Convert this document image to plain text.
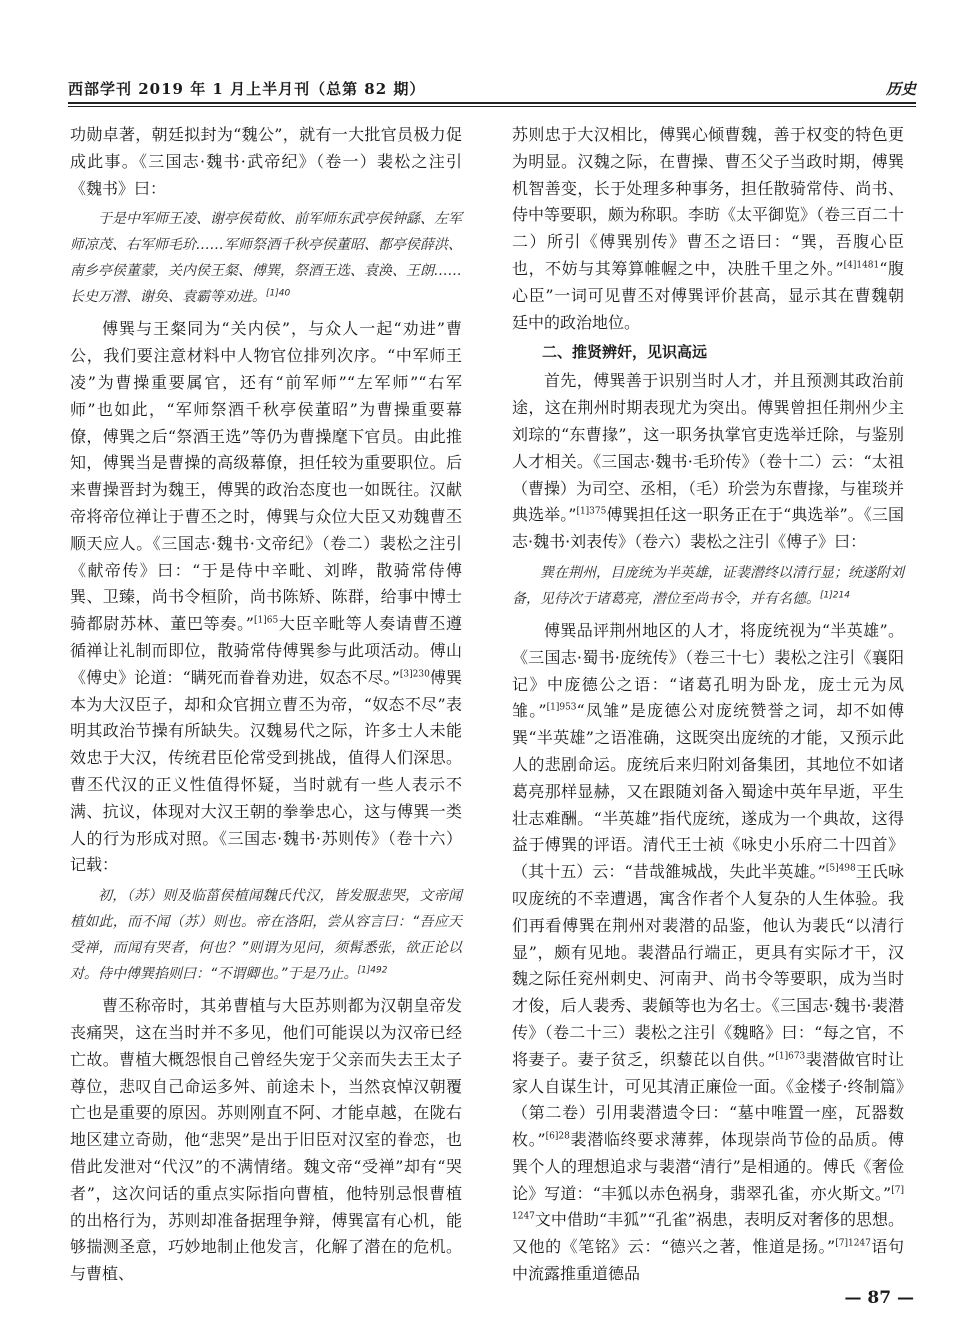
西部学刊 2019 年 1 月上半月刊（总第 82 期）	历史

功勋卓著，朝廷拟封为“魏公”，就有一大批官员极力促成此事。《三国志·魏书·武帝纪》（卷一）裴松之注引《魏书》曰：

于是中军师王凌、谢亭侯荀攸、前军师东武亭侯钟繇、左军师凉茂、右军师毛玠……军师祭酒千秋亭侯董昭、都亭侯薛洪、南乡亭侯董蒙，关内侯王粲、傅巽，祭酒王选、袁涣、王朗……长史万潜、谢奂、袁霸等劝进。$^{[1]40}$

傅巽与王粲同为“关内侯”，与众人一起“劝进”曹公，我们要注意材料中人物官位排列次序。“中军师王凌”为曹操重要属官，还有“前军师”“左军师”“右军师”也如此，“军师祭酒千秋亭侯董昭”为曹操重要幕僚，傅巽之后“祭酒王选”等仍为曹操麾下官员。由此推知，傅巽当是曹操的高级幕僚，担任较为重要职位。后来曹操晋封为魏王，傅巽的政治态度也一如既往。汉献帝将帝位禅让于曹丕之时，傅巽与众位大臣又劝魏曹丕顺天应人。《三国志·魏书·文帝纪》（卷二）裴松之注引《献帝传》曰：“于是侍中辛毗、刘晔，散骑常侍傅巽、卫臻，尚书令桓阶，尚书陈矫、陈群，给事中博士骑都尉苏林、董巴等奏。”$^{[1]65}$大臣辛毗等人奏请曹丕遵循禅让礼制而即位，散骑常侍傅巽参与此项活动。傅山《傅史》论道：“瞒死而眷眷劝进，奴态不尽。”$^{[3]230}$傅巽本为大汉臣子，却和众官拥立曹丕为帝，“奴态不尽”表明其政治节操有所缺失。汉魏易代之际，许多士人未能效忠于大汉，传统君臣伦常受到挑战，值得人们深思。曹丕代汉的正义性值得怀疑，当时就有一些人表示不满、抗议，体现对大汉王朝的拳拳忠心，这与傅巽一类人的行为形成对照。《三国志·魏书·苏则传》（卷十六）记载：

初，（苏）则及临菑侯植闻魏氏代汉，皆发服悲哭，文帝闻植如此，而不闻（苏）则也。帝在洛阳，尝从容言曰：“吾应天受禅，而闻有哭者，何也？”则谓为见问，须髯悉张，欲正论以对。侍中傅巽掐则曰：“不谓卿也。”于是乃止。$^{[1]492}$

曹丕称帝时，其弟曹植与大臣苏则都为汉朝皇帝发丧痛哭，这在当时并不多见，他们可能误以为汉帝已经亡故。曹植大概怨恨自己曾经失宠于父亲而失去王太子尊位，悲叹自己命运多舛、前途未卜，当然哀悼汉朝覆亡也是重要的原因。苏则刚直不阿、才能卓越，在陇右地区建立奇勋，他“悲哭”是出于旧臣对汉室的眷恋，也借此发泄对“代汉”的不满情绪。魏文帝“受禅”却有“哭者”，这次问话的重点实际指向曹植，他特别忌恨曹植的出格行为，苏则却准备据理争辩，傅巽富有心机，能够揣测圣意，巧妙地制止他发言，化解了潜在的危机。与曹植、

苏则忠于大汉相比，傅巽心倾曹魏，善于权变的特色更为明显。汉魏之际，在曹操、曹丕父子当政时期，傅巽机智善变，长于处理多种事务，担任散骑常侍、尚书、侍中等要职，颇为称职。李昉《太平御览》（卷三百二十二）所引《傅巽别传》曹丕之语曰：“巽，吾腹心臣也，不妨与其筹算帷幄之中，决胜千里之外。”$^{[4]1481}$“腹心臣”一词可见曹丕对傅巽评价甚高，显示其在曹魏朝廷中的政治地位。

二、推贤辨奸，见识高远

首先，傅巽善于识别当时人才，并且预测其政治前途，这在荆州时期表现尤为突出。傅巽曾担任荆州少主刘琮的“东曹掾”，这一职务执掌官吏选举迁除，与鉴别人才相关。《三国志·魏书·毛玠传》（卷十二）云：“太祖（曹操）为司空、丞相，（毛）玠尝为东曹掾，与崔琰并典选举。”$^{[1]375}$傅巽担任这一职务正在于“典选举”。《三国志·魏书·刘表传》（卷六）裴松之注引《傅子》曰：

巽在荆州，目庞统为半英雄，证裴潜终以清行显；统遂附刘备，见待次于诸葛亮，潜位至尚书令，并有名德。$^{[1]214}$

傅巽品评荆州地区的人才，将庞统视为“半英雄”。《三国志·蜀书·庞统传》（卷三十七）裴松之注引《襄阳记》中庞德公之语：“诸葛孔明为卧龙，庞士元为凤雏。”$^{[1]953}$“凤雏”是庞德公对庞统赞誉之词，却不如傅巽“半英雄”之语准确，这既突出庞统的才能，又预示此人的悲剧命运。庞统后来归附刘备集团，其地位不如诸葛亮那样显赫，又在跟随刘备入蜀途中英年早逝，平生壮志难酬。“半英雄”指代庞统，遂成为一个典故，这得益于傅巽的评语。清代王士祯《咏史小乐府二十四首》（其十五）云：“昔哉雒城战，失此半英雄。”$^{[5]498}$王氏咏叹庞统的不幸遭遇，寓含作者个人复杂的人生体验。我们再看傅巽在荆州对裴潜的品鉴，他认为裴氏“以清行显”，颇有见地。裴潜品行端正，更具有实际才干，汉魏之际任兖州刺史、河南尹、尚书令等要职，成为当时才俊，后人裴秀、裴頠等也为名士。《三国志·魏书·裴潜传》（卷二十三）裴松之注引《魏略》曰：“每之官，不将妻子。妻子贫乏，织藜芘以自供。”$^{[1]673}$裴潜做官时让家人自谋生计，可见其清正廉俭一面。《金楼子·终制篇》（第二卷）引用裴潜遗令曰：“墓中唯置一座，瓦器数枚。”$^{[6]28}$裴潜临终要求薄葬，体现崇尚节俭的品质。傅巽个人的理想追求与裴潜“清行”是相通的。傅氏《奢俭论》写道：“丰狐以赤色祸身，翡翠孔雀，亦火斯文。”$^{[7]1247}$文中借助“丰狐”“孔雀”祸患，表明反对奢侈的思想。又他的《笔铭》云：“德兴之著，惟道是扬。”$^{[7]1247}$语句中流露推重道德品

— 87 —
